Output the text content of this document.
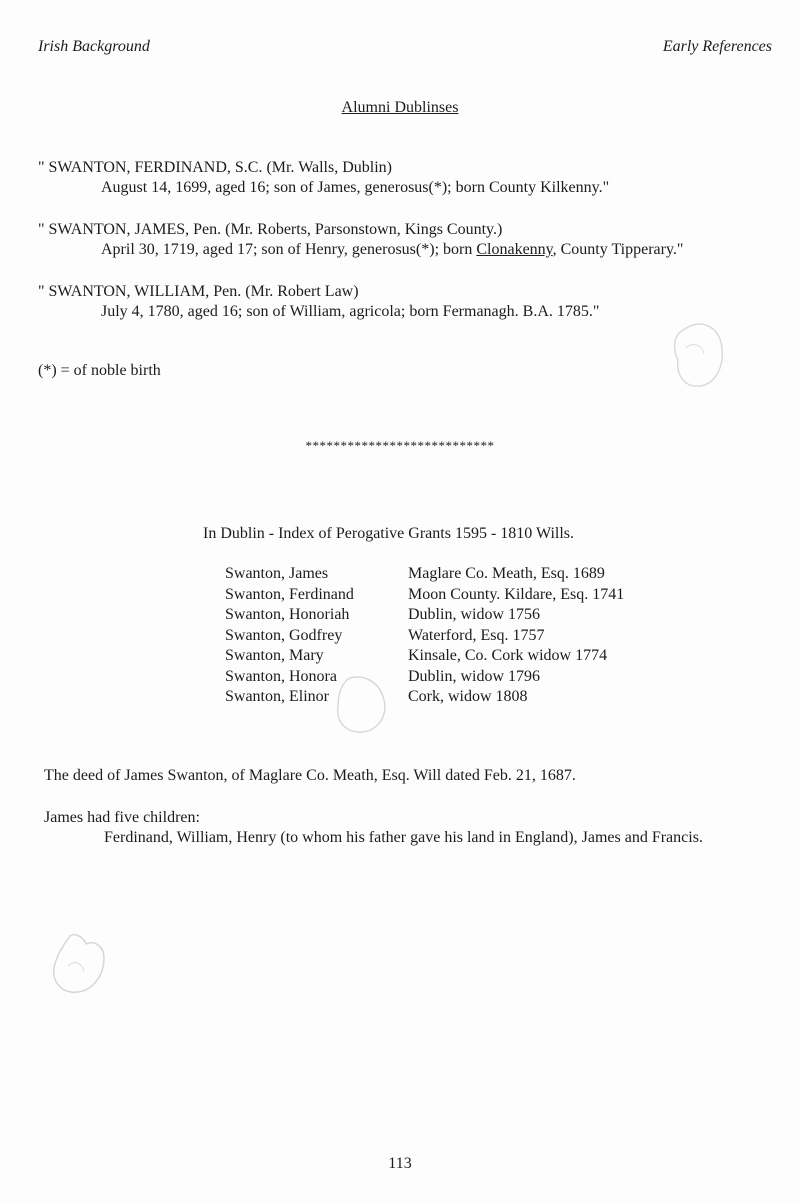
Irish Background	Early References
Alumni Dublinses
" SWANTON, FERDINAND, S.C. (Mr. Walls, Dublin)
August 14, 1699, aged 16; son of James, generosus(*); born County Kilkenny."
" SWANTON, JAMES, Pen. (Mr. Roberts, Parsonstown, Kings County.)
April 30, 1719, aged 17; son of Henry, generosus(*); born Clonakenny, County Tipperary."
" SWANTON, WILLIAM, Pen. (Mr. Robert Law)
July 4, 1780, aged 16; son of William, agricola; born Fermanagh. B.A. 1785."
(*) = of noble birth
***************************
In Dublin - Index of Perogative Grants 1595 - 1810 Wills.
Swanton, James	Maglare Co. Meath, Esq. 1689
Swanton, Ferdinand	Moon County. Kildare, Esq. 1741
Swanton, Honoriah	Dublin, widow 1756
Swanton, Godfrey	Waterford, Esq. 1757
Swanton, Mary	Kinsale, Co. Cork widow 1774
Swanton, Honora	Dublin, widow 1796
Swanton, Elinor	Cork, widow 1808
The deed of James Swanton, of Maglare Co. Meath, Esq. Will dated Feb. 21, 1687.
James had five children:
Ferdinand, William, Henry (to whom his father gave his land in England), James and Francis.
113
